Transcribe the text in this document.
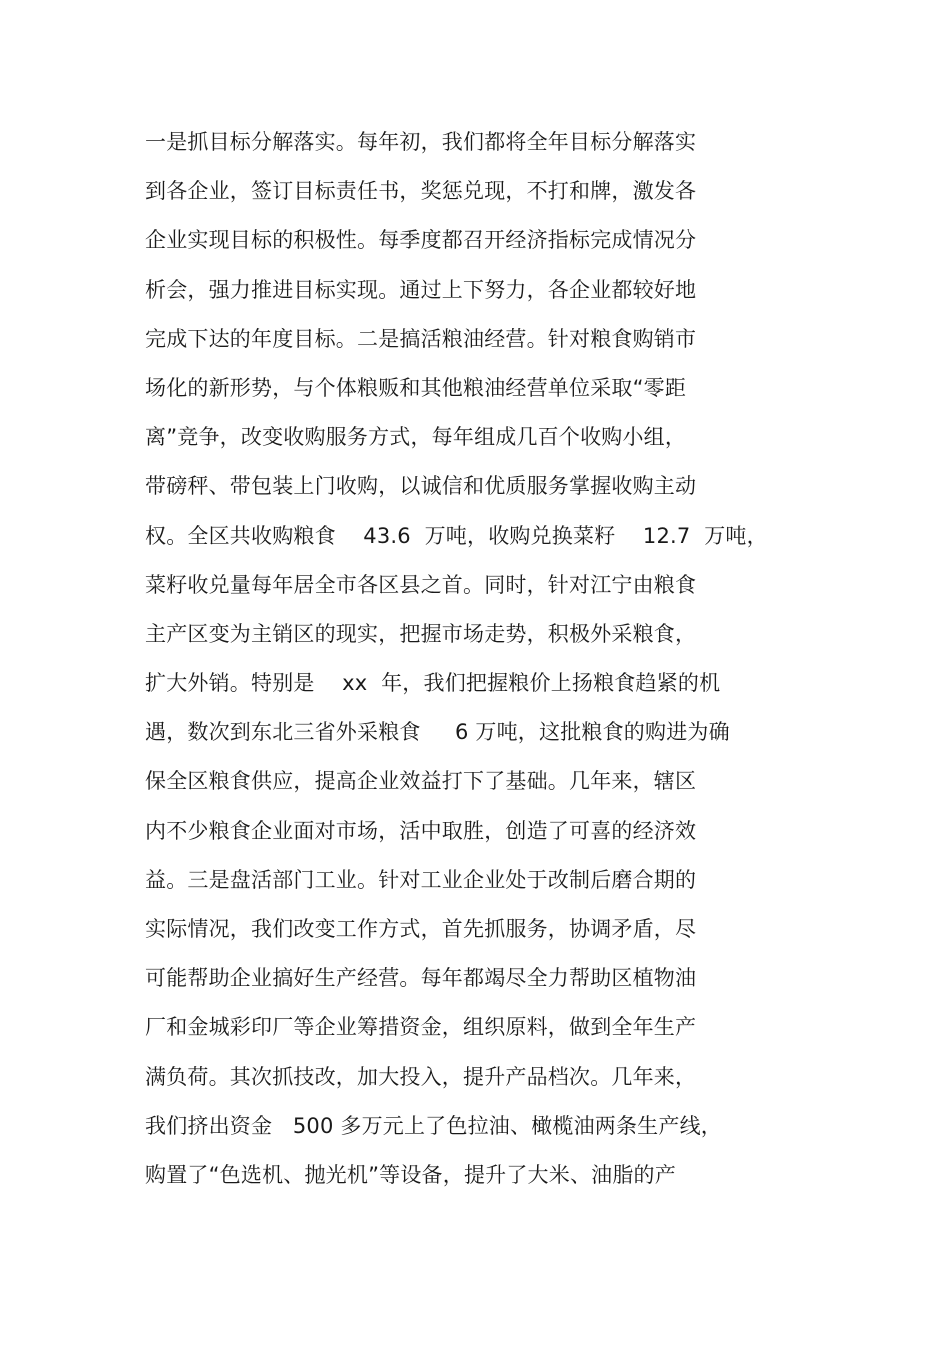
一是抓目标分解落实。每年初，我们都将全年目标分解落实
到各企业，签订目标责任书，奖惩兑现，不打和牌，激发各
企业实现目标的积极性。每季度都召开经济指标完成情况分
析会，强力推进目标实现。通过上下努力，各企业都较好地
完成下达的年度目标。二是搞活粮油经营。针对粮食购销市
场化的新形势，与个体粮贩和其他粮油经营单位采取“零距
离”竞争，改变收购服务方式，每年组成几百个收购小组，
带磅秤、带包装上门收购，以诚信和优质服务掌握收购主动
权。全区共收购粮食    43.6  万吨，收购兑换菜籽    12.7  万吨，
菜籽收兑量每年居全市各区县之首。同时，针对江宁由粮食
主产区变为主销区的现实，把握市场走势，积极外采粮食，
扩大外销。特别是    xx  年，我们把握粮价上扬粮食趋紧的机
遇，数次到东北三省外采粮食     6 万吨，这批粮食的购进为确
保全区粮食供应，提高企业效益打下了基础。几年来，辖区
内不少粮食企业面对市场，活中取胜，创造了可喜的经济效
益。三是盘活部门工业。针对工业企业处于改制后磨合期的
实际情况，我们改变工作方式，首先抓服务，协调矛盾，尽
可能帮助企业搞好生产经营。每年都竭尽全力帮助区植物油
厂和金城彩印厂等企业筹措资金，组织原料，做到全年生产
满负荷。其次抓技改，加大投入，提升产品档次。几年来，
我们挤出资金   500 多万元上了色拉油、橄榄油两条生产线，
购置了“色选机、抛光机”等设备，提升了大米、油脂的产
